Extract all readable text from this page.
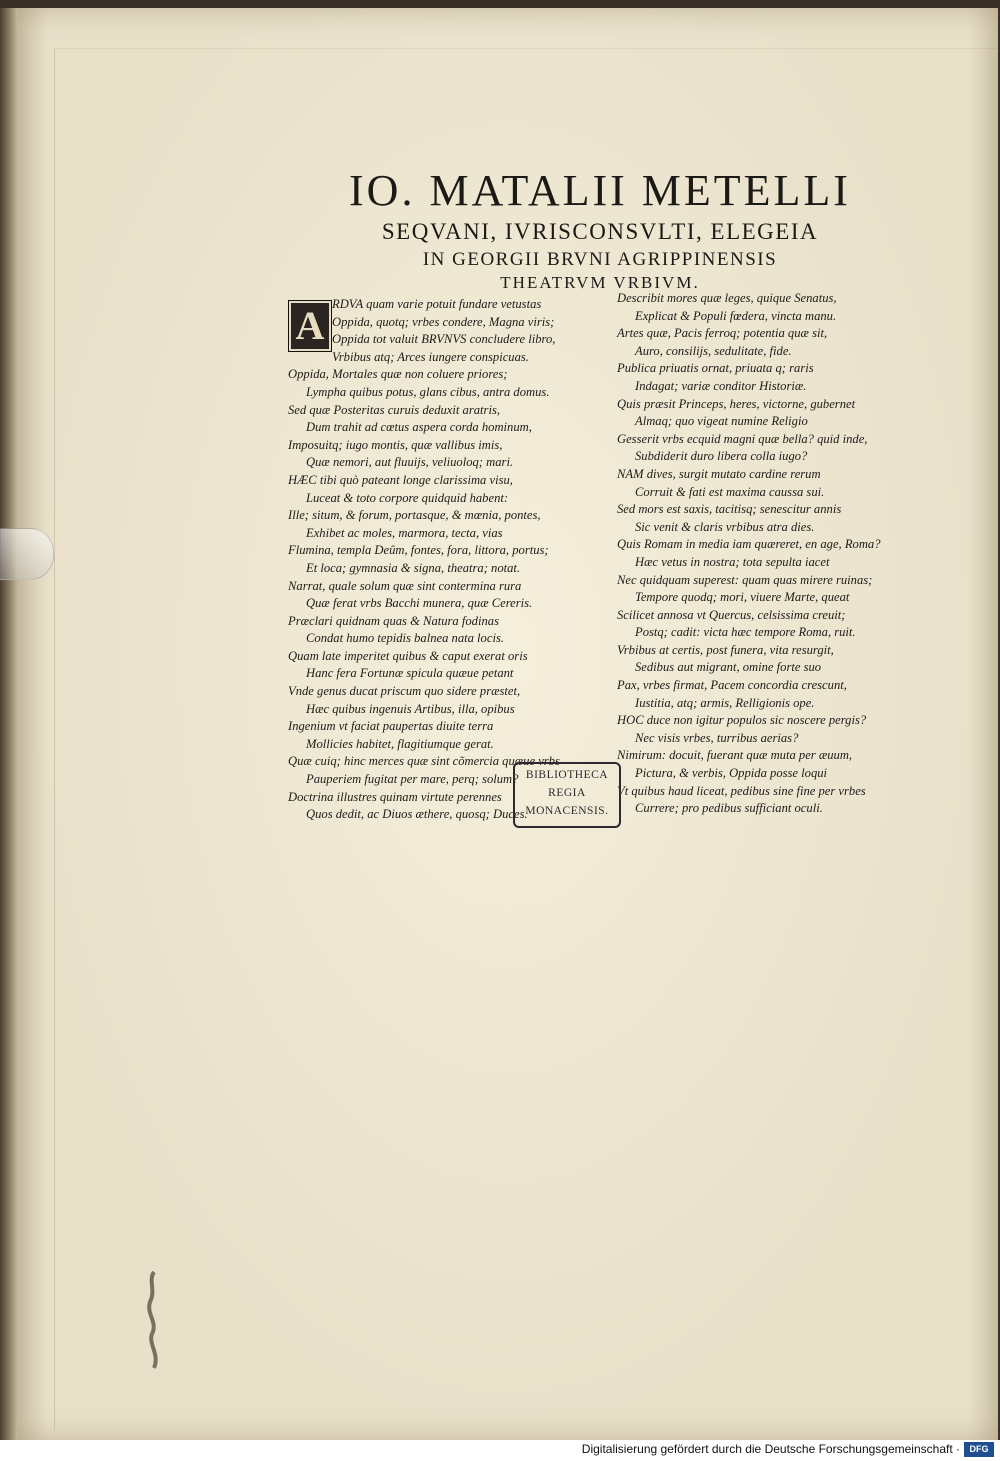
IO. MATALII METELLI
SEQVANI, IVRISCONSVLTI, ELEGEIA
IN GEORGII BRVNI AGRIPPINENSIS
THEATRVM VRBIVM.
A RDVA quam varie potuit fundare vetustas
Oppida, quotq; vrbes condere, Magna viris;
Oppida tot valuit BRVNVS concludere libro,
Vrbibus atq; Arces iungere conspicuas.
Oppida, Mortales quæ non coluere priores;
Lympha quibus potus, glans cibus, antra domus.
Sed quæ Posteritas curuis deduxit aratris,
Dum trahit ad cœtus aspera corda hominum,
Imposuitq; iugo montis, quæ vallibus imis,
Quæ nemori, aut fluuijs, veliuoloq; mari.
HÆC tibi quò pateant longe clarissima visu,
Luceat & toto corpore quidquid habent:
Ille; situm, & forum, portasque, & mœnia, pontes,
Exhibet ac moles, marmora, tecta, vias
Flumina, templa Deûm, fontes, fora, littora, portus;
Et loca; gymnasia & signa, theatra; notat.
Narrat, quale solum quæ sint contermina rura
Quæ ferat vrbs Bacchi munera, quæ Cereris.
Præclari quidnam quas & Natura fodinas
Condat humo tepidis balnea nata locis.
Quam late imperitet quibus & caput exerat oris
Hanc fera Fortunæ spicula quæue petant
Vnde genus ducat priscum quo sidere præstet,
Hæc quibus ingenuis Artibus, illa, opibus
Ingenium vt faciat paupertas diuite terra
Mollicies habitet, flagitiumque gerat.
Quæ cuiq; hinc merces quæ sint cõmercia quæue vrbs
Pauperiem fugitat per mare, perq; solum?
Doctrina illustres quinam virtute perennes
Quos dedit, ac Diuos æthere, quosq; Duces.
Describit mores quæ leges, quique Senatus,
Explicat & Populi fœdera, vincta manu.
Artes quæ, Pacis ferroq; potentia quæ sit,
Auro, consilijs, sedulitate, fide.
Publica priuatis ornat, priuata q; raris
Indagat; variæ conditor Historiæ.
Quis præsit Princeps, heres, victorne, gubernet
Almaq; quo vigeat numine Religio
Gesserit vrbs ecquid magni quæ bella? quid inde,
Subdiderit duro libera colla iugo?
NAM dives, surgit mutato cardine rerum
Corruit & fati est maxima caussa sui.
Sed mors est saxis, tacitisq; senescitur annis
Sic venit & claris vrbibus atra dies.
Quis Romam in media iam quæreret, en age, Roma?
Hæc vetus in nostra; tota sepulta iacet
Nec quidquam superest: quam quas mirere ruinas;
Tempore quodq; mori, viuere Marte, queat
Scilicet annosa vt Quercus, celsissima creuit;
Postq; cadit: victa hæc tempore Roma, ruit.
Vrbibus at certis, post funera, vita resurgit,
Sedibus aut migrant, omine forte suo
Pax, vrbes firmat, Pacem concordia crescunt,
Iustitia, atq; armis, Relligionis ope.
HOC duce non igitur populos sic noscere pergis?
Nec visis vrbes, turribus aerias?
Nimirum: docuit, fuerant quæ muta per æuum,
Pictura, & verbis, Oppida posse loqui
Vt quibus haud liceat, pedibus sine fine per vrbes
Currere; pro pedibus sufficiant oculi.
BIBLIOTHECA
REGIA
MONACENSIS.
Digitalisierung gefördert durch die Deutsche Forschungsgemeinschaft ·	DFG
